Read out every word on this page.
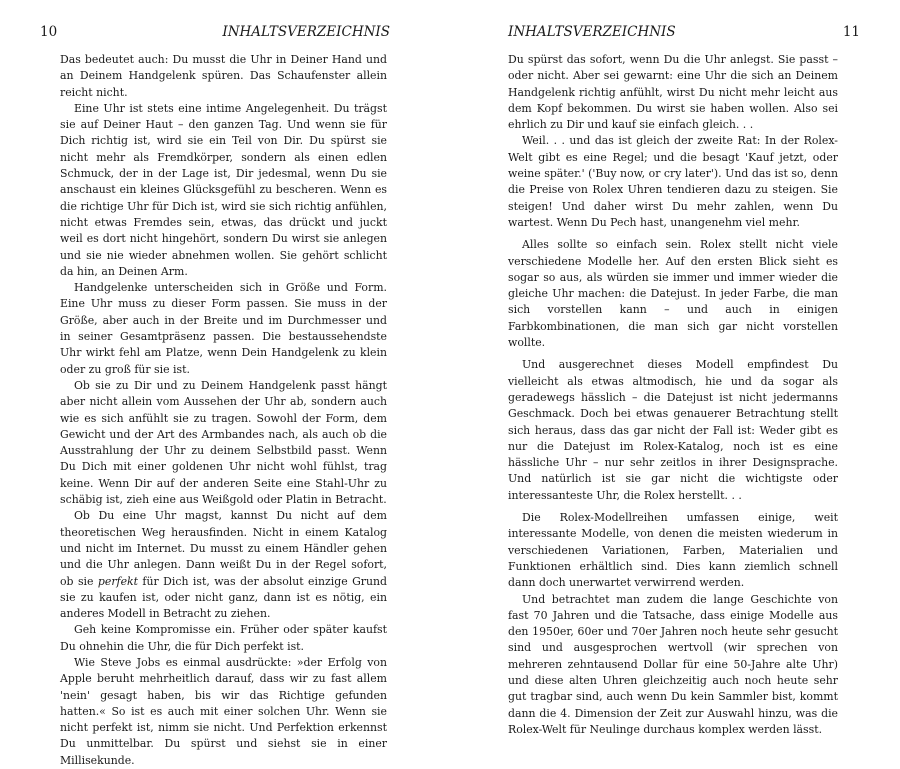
10	INHALTSVERZEICHNIS

Das bedeutet auch: Du musst die Uhr in Deiner Hand und an Deinem Handgelenk spüren. Das Schaufenster allein reicht nicht.

Eine Uhr ist stets eine intime Angelegenheit. Du trägst sie auf Deiner Haut – den ganzen Tag. Und wenn sie für Dich richtig ist, wird sie ein Teil von Dir. Du spürst sie nicht mehr als Fremdkörper, sondern als einen edlen Schmuck, der in der Lage ist, Dir jedesmal, wenn Du sie anschaust ein kleines Glücksgefühl zu bescheren. Wenn es die richtige Uhr für Dich ist, wird sie sich richtig anfühlen, nicht etwas Fremdes sein, etwas, das drückt und juckt weil es dort nicht hingehört, sondern Du wirst sie anlegen und sie nie wieder abnehmen wollen. Sie gehört schlicht da hin, an Deinen Arm.

Handgelenke unterscheiden sich in Größe und Form. Eine Uhr muss zu dieser Form passen. Sie muss in der Größe, aber auch in der Breite und im Durchmesser und in seiner Gesamtpräsenz passen. Die bestaussehendste Uhr wirkt fehl am Platze, wenn Dein Handgelenk zu klein oder zu groß für sie ist.

Ob sie zu Dir und zu Deinem Handgelenk passt hängt aber nicht allein vom Aussehen der Uhr ab, sondern auch wie es sich anfühlt sie zu tragen. Sowohl der Form, dem Gewicht und der Art des Armbandes nach, als auch ob die Ausstrahlung der Uhr zu deinem Selbstbild passt. Wenn Du Dich mit einer goldenen Uhr nicht wohl fühlst, trag keine. Wenn Dir auf der anderen Seite eine Stahl-Uhr zu schäbig ist, zieh eine aus Weißgold oder Platin in Betracht.

Ob Du eine Uhr magst, kannst Du nicht auf dem theoretischen Weg herausfinden. Nicht in einem Katalog und nicht im Internet. Du musst zu einem Händler gehen und die Uhr anlegen. Dann weißt Du in der Regel sofort, ob sie perfekt für Dich ist, was der absolut einzige Grund sie zu kaufen ist, oder nicht ganz, dann ist es nötig, ein anderes Modell in Betracht zu ziehen.

Geh keine Kompromisse ein. Früher oder später kaufst Du ohnehin die Uhr, die für Dich perfekt ist.

Wie Steve Jobs es einmal ausdrückte: »der Erfolg von Apple beruht mehrheitlich darauf, dass wir zu fast allem 'nein' gesagt haben, bis wir das Richtige gefunden hatten.« So ist es auch mit einer solchen Uhr. Wenn sie nicht perfekt ist, nimm sie nicht. Und Perfektion erkennst Du unmittelbar. Du spürst und siehst sie in einer Millisekunde.

INHALTSVERZEICHNIS	11

Du spürst das sofort, wenn Du die Uhr anlegst. Sie passt – oder nicht. Aber sei gewarnt: eine Uhr die sich an Deinem Handgelenk richtig anfühlt, wirst Du nicht mehr leicht aus dem Kopf bekommen. Du wirst sie haben wollen. Also sei ehrlich zu Dir und kauf sie einfach gleich. . .

Weil. . . und das ist gleich der zweite Rat: In der Rolex-Welt gibt es eine Regel; und die besagt 'Kauf jetzt, oder weine später.' ('Buy now, or cry later'). Und das ist so, denn die Preise von Rolex Uhren tendieren dazu zu steigen. Sie steigen! Und daher wirst Du mehr zahlen, wenn Du wartest. Wenn Du Pech hast, unangenehm viel mehr.

Alles sollte so einfach sein. Rolex stellt nicht viele verschiedene Modelle her. Auf den ersten Blick sieht es sogar so aus, als würden sie immer und immer wieder die gleiche Uhr machen: die Datejust. In jeder Farbe, die man sich vorstellen kann – und auch in einigen Farbkombinationen, die man sich gar nicht vorstellen wollte.

Und ausgerechnet dieses Modell empfindest Du vielleicht als etwas altmodisch, hie und da sogar als geradewegs hässlich – die Datejust ist nicht jedermanns Geschmack. Doch bei etwas genauerer Betrachtung stellt sich heraus, dass das gar nicht der Fall ist: Weder gibt es nur die Datejust im Rolex-Katalog, noch ist es eine hässliche Uhr – nur sehr zeitlos in ihrer Designsprache. Und natürlich ist sie gar nicht die wichtigste oder interessanteste Uhr, die Rolex herstellt. . .

Die Rolex-Modellreihen umfassen einige, weit interessante Modelle, von denen die meisten wiederum in verschiedenen Variationen, Farben, Materialien und Funktionen erhältlich sind. Dies kann ziemlich schnell dann doch unerwartet verwirrend werden.

Und betrachtet man zudem die lange Geschichte von fast 70 Jahren und die Tatsache, dass einige Modelle aus den 1950er, 60er und 70er Jahren noch heute sehr gesucht sind und ausgesprochen wertvoll (wir sprechen von mehreren zehntausend Dollar für eine 50-Jahre alte Uhr) und diese alten Uhren gleichzeitig auch noch heute sehr gut tragbar sind, auch wenn Du kein Sammler bist, kommt dann die 4. Dimension der Zeit zur Auswahl hinzu, was die Rolex-Welt für Neulinge durchaus komplex werden lässt.
